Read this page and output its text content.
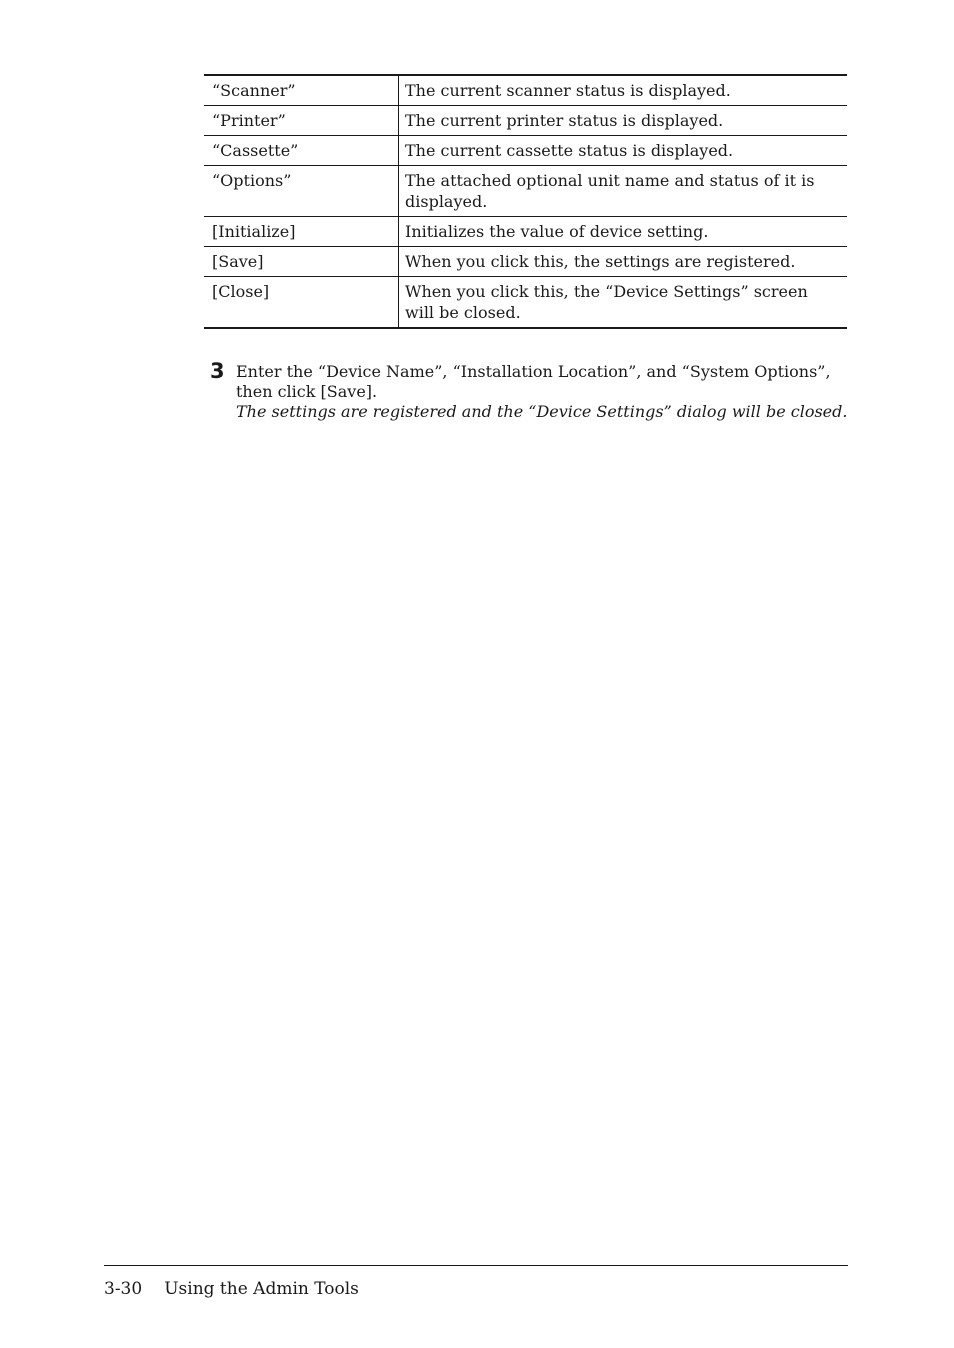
“Scanner”	The current scanner status is displayed.
“Printer”	The current printer status is displayed.
“Cassette”	The current cassette status is displayed.
“Options”	The attached optional unit name and status of it is displayed.
[Initialize]	Initializes the value of device setting.
[Save]	When you click this, the settings are registered.
[Close]	When you click this, the “Device Settings” screen will be closed.
3 Enter the “Device Name”, “Installation Location”, and “System Options”, then click [Save].
The settings are registered and the “Device Settings” dialog will be closed.
3-30 Using the Admin Tools
